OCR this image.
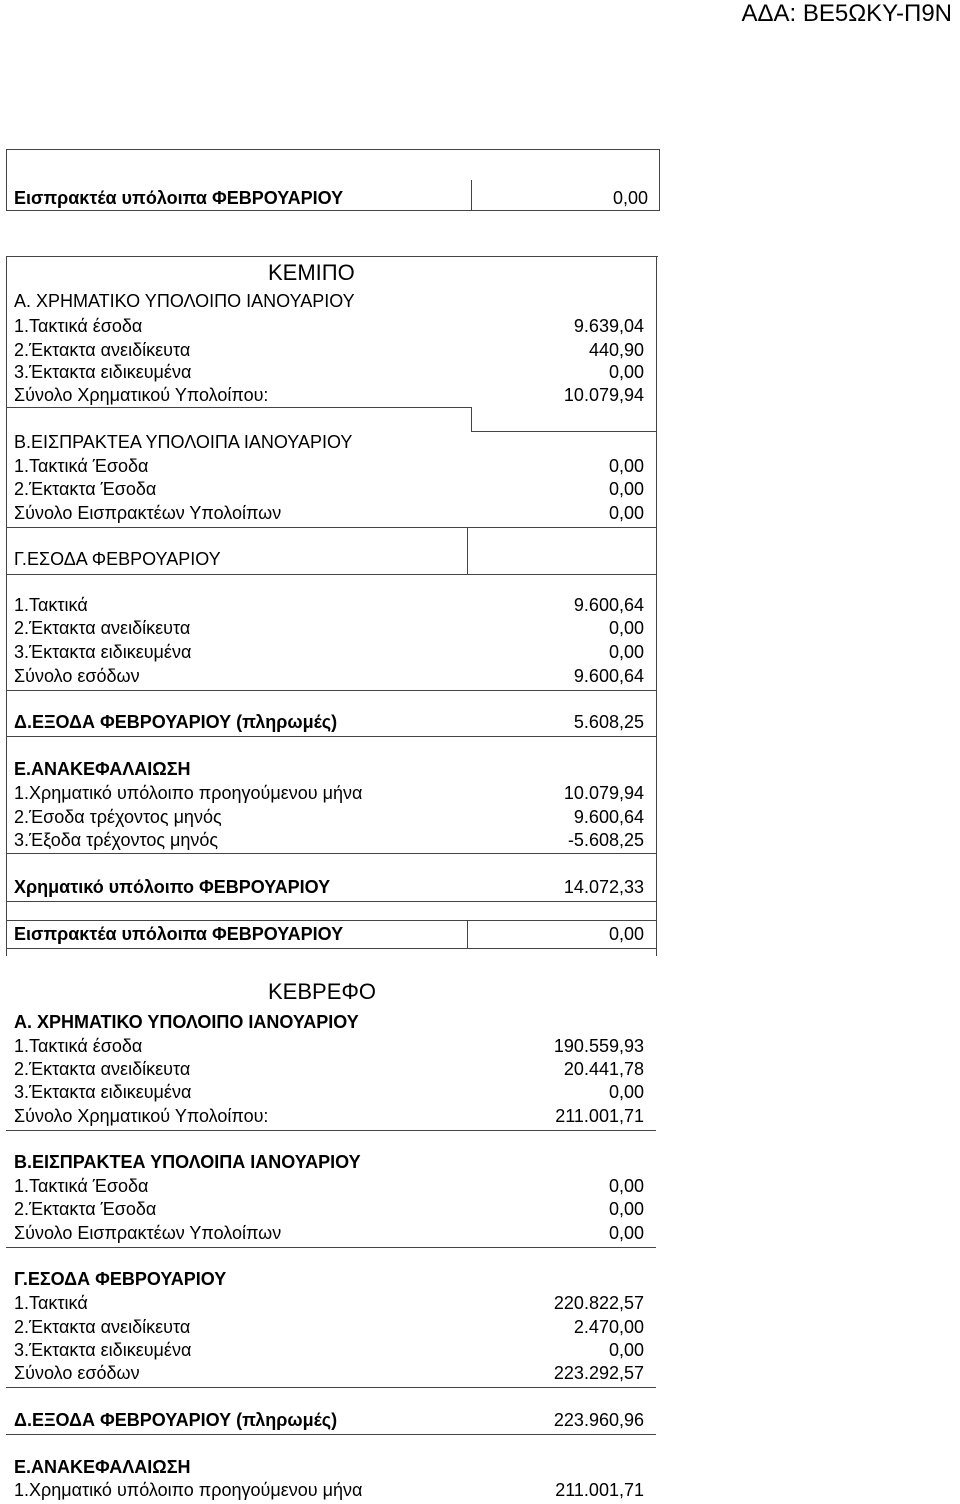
ΑΔΑ: ΒΕ5ΩΚΥ-Π9Ν
Εισπρακτέα υπόλοιπα ΦΕΒΡΟΥΑΡΙΟΥ	0,00
ΚΕΜΙΠΟ
Α. ΧΡΗΜΑΤΙΚΟ ΥΠΟΛΟΙΠΟ ΙΑΝΟΥΑΡΙΟΥ
1.Τακτικά έσοδα	9.639,04
2.Έκτακτα ανειδίκευτα	440,90
3.Έκτακτα ειδικευμένα	0,00
Σύνολο Χρηματικού Υπολοίπου:	10.079,94
Β.ΕΙΣΠΡΑΚΤΕΑ ΥΠΟΛΟΙΠΑ ΙΑΝΟΥΑΡΙΟΥ
1.Τακτικά Έσοδα	0,00
2.Έκτακτα Έσοδα	0,00
Σύνολο Εισπρακτέων Υπολοίπων	0,00
Γ.ΕΣΟΔΑ ΦΕΒΡΟΥΑΡΙΟΥ
1.Τακτικά	9.600,64
2.Έκτακτα ανειδίκευτα	0,00
3.Έκτακτα ειδικευμένα	0,00
Σύνολο εσόδων	9.600,64
Δ.ΕΞΟΔΑ ΦΕΒΡΟΥΑΡΙΟΥ (πληρωμές)	5.608,25
Ε.ΑΝΑΚΕΦΑΛΑΙΩΣΗ
1.Χρηματικό υπόλοιπο προηγούμενου μήνα	10.079,94
2.Έσοδα τρέχοντος μηνός	9.600,64
3.Έξοδα τρέχοντος μηνός	-5.608,25
Χρηματικό υπόλοιπο ΦΕΒΡΟΥΑΡΙΟΥ	14.072,33
Εισπρακτέα υπόλοιπα ΦΕΒΡΟΥΑΡΙΟΥ	0,00
ΚΕΒΡΕΦΟ
Α. ΧΡΗΜΑΤΙΚΟ ΥΠΟΛΟΙΠΟ ΙΑΝΟΥΑΡΙΟΥ
1.Τακτικά έσοδα	190.559,93
2.Έκτακτα ανειδίκευτα	20.441,78
3.Έκτακτα ειδικευμένα	0,00
Σύνολο Χρηματικού Υπολοίπου:	211.001,71
Β.ΕΙΣΠΡΑΚΤΕΑ ΥΠΟΛΟΙΠΑ ΙΑΝΟΥΑΡΙΟΥ
1.Τακτικά Έσοδα	0,00
2.Έκτακτα Έσοδα	0,00
Σύνολο Εισπρακτέων Υπολοίπων	0,00
Γ.ΕΣΟΔΑ ΦΕΒΡΟΥΑΡΙΟΥ
1.Τακτικά	220.822,57
2.Έκτακτα ανειδίκευτα	2.470,00
3.Έκτακτα ειδικευμένα	0,00
Σύνολο εσόδων	223.292,57
Δ.ΕΞΟΔΑ ΦΕΒΡΟΥΑΡΙΟΥ (πληρωμές)	223.960,96
Ε.ΑΝΑΚΕΦΑΛΑΙΩΣΗ
1.Χρηματικό υπόλοιπο προηγούμενου μήνα	211.001,71
